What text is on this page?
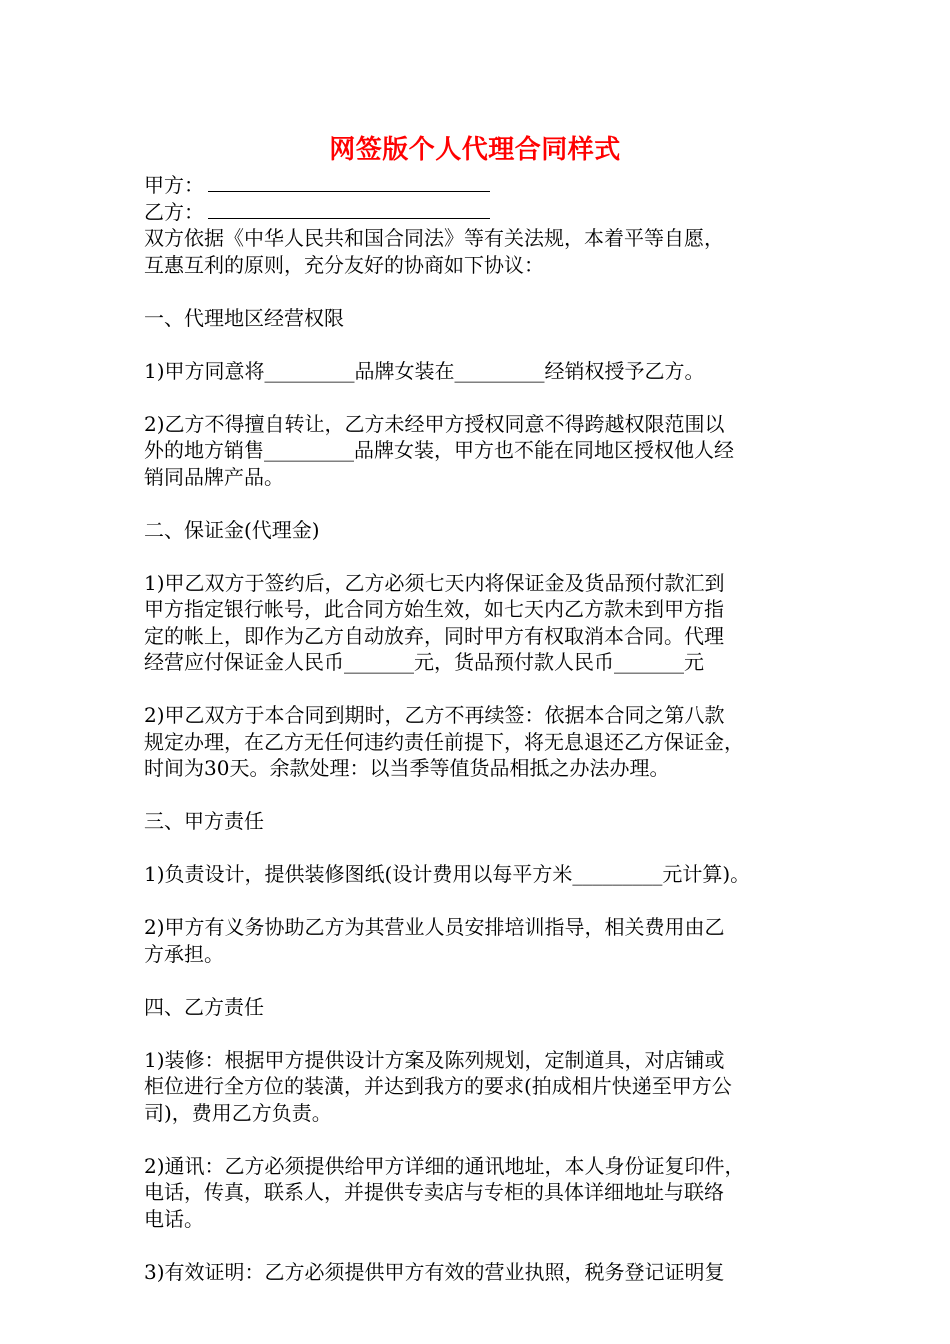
网签版个人代理合同样式
甲方：
乙方：
双方依据《中华人民共和国合同法》等有关法规，本着平等自愿，
互惠互利的原则，充分友好的协商如下协议：
一、代理地区经营权限
1)甲方同意将_________品牌女装在_________经销权授予乙方。
2)乙方不得擅自转让，乙方未经甲方授权同意不得跨越权限范围以
外的地方销售_________品牌女装，甲方也不能在同地区授权他人经
销同品牌产品。
二、保证金(代理金)
1)甲乙双方于签约后，乙方必须七天内将保证金及货品预付款汇到
甲方指定银行帐号，此合同方始生效，如七天内乙方款未到甲方指
定的帐上，即作为乙方自动放弃，同时甲方有权取消本合同。代理
经营应付保证金人民币_______元，货品预付款人民币_______元
2)甲乙双方于本合同到期时，乙方不再续签：依据本合同之第八款
规定办理，在乙方无任何违约责任前提下，将无息退还乙方保证金，
时间为30天。余款处理：以当季等值货品相抵之办法办理。
三、甲方责任
1)负责设计，提供装修图纸(设计费用以每平方米_________元计算)。
2)甲方有义务协助乙方为其营业人员安排培训指导，相关费用由乙
方承担。
四、乙方责任
1)装修：根据甲方提供设计方案及陈列规划，定制道具，对店铺或
柜位进行全方位的装潢，并达到我方的要求(拍成相片快递至甲方公
司)，费用乙方负责。
2)通讯：乙方必须提供给甲方详细的通讯地址，本人身份证复印件，
电话，传真，联系人，并提供专卖店与专柜的具体详细地址与联络
电话。
3)有效证明：乙方必须提供甲方有效的营业执照，税务登记证明复
